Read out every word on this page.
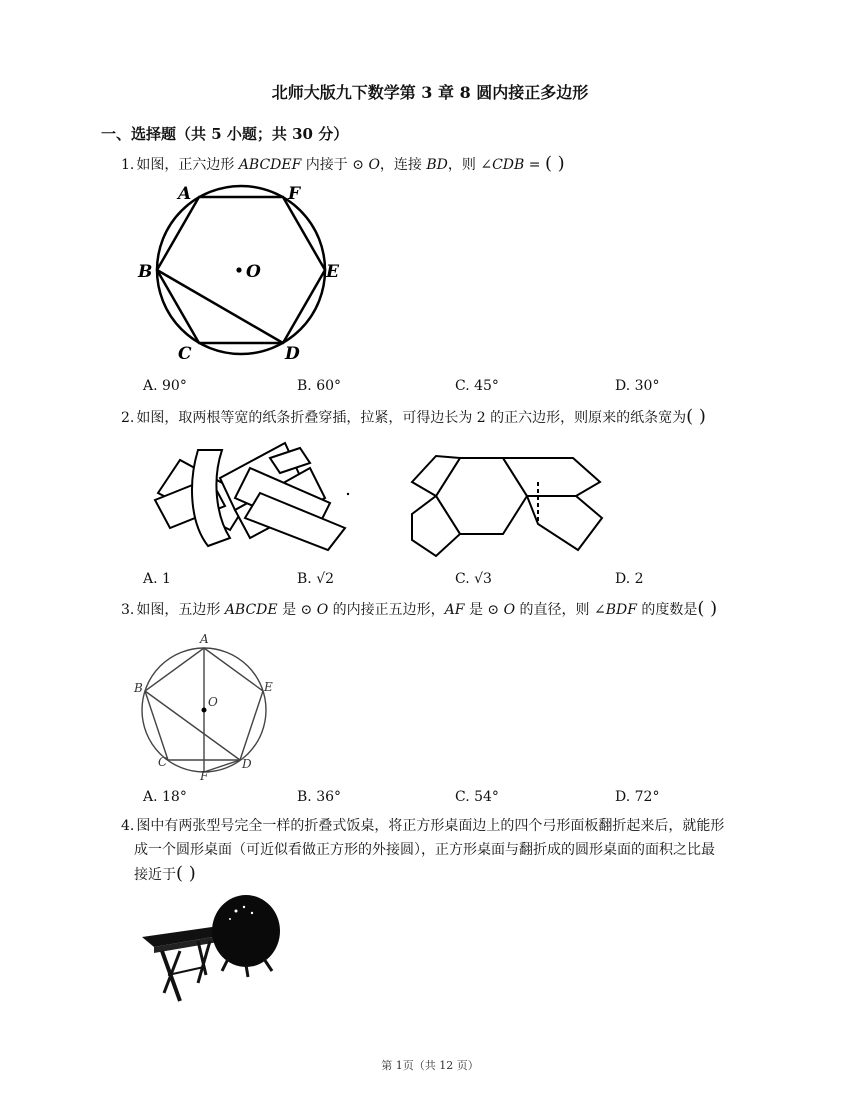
北师大版九下数学第 3 章 8 圆内接正多边形
一、选择题（共 5 小题；共 30 分）
1. 如图，正六边形 ABCDEF 内接于 ⊙ O，连接 BD，则 ∠CDB = ( )
A	F
B	O	E
C	D
A. 90°	B. 60°	C. 45°	D. 30°
2. 如图，取两根等宽的纸条折叠穿插，拉紧，可得边长为 2 的正六边形，则原来的纸条宽为( )
A. 1	B. √2	C. √3	D. 2
3. 如图，五边形 ABCDE 是 ⊙ O 的内接正五边形，AF 是 ⊙ O 的直径，则 ∠BDF 的度数是( )
A
B
O
E
C
F
D
A. 18°	B. 36°	C. 54°	D. 72°
4. 图中有两张型号完全一样的折叠式饭桌，将正方形桌面边上的四个弓形面板翻折起来后，就能形
成一个圆形桌面（可近似看做正方形的外接圆），正方形桌面与翻折成的圆形桌面的面积之比最
接近于( )
第 1页（共 12 页）
